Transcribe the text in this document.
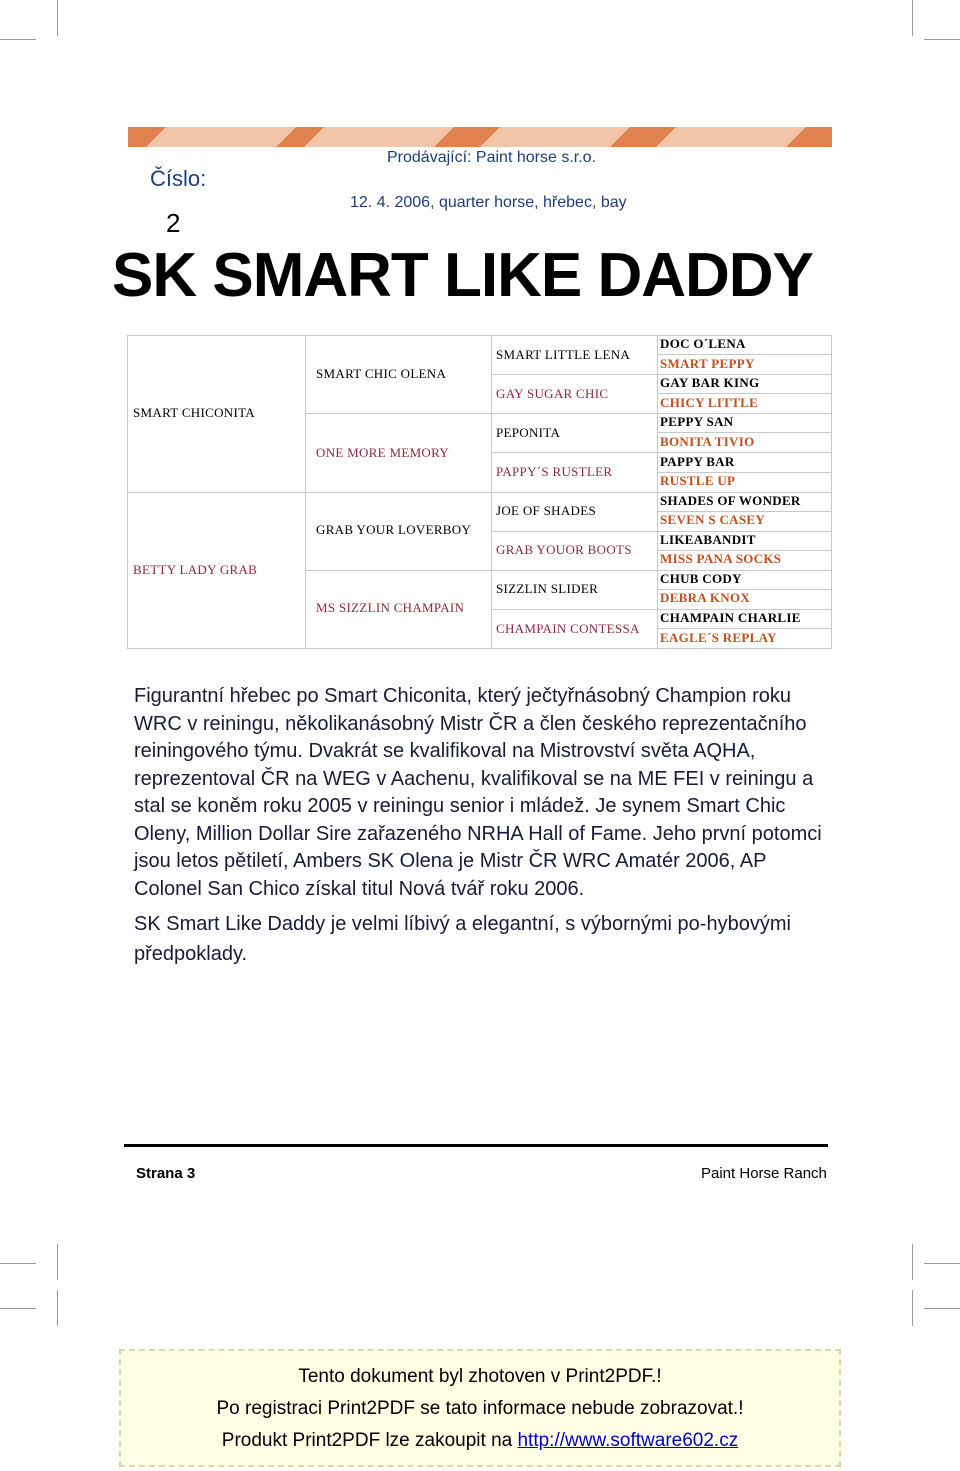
Číslo:
2
Prodávající: Paint horse s.r.o.
12. 4. 2006, quarter horse, hřebec, bay
SK SMART LIKE DADDY
SMART CHICONITA
BETTY LADY GRAB
SMART CHIC OLENA
ONE MORE MEMORY
GRAB YOUR LOVERBOY
MS SIZZLIN CHAMPAIN
SMART LITTLE LENA
GAY SUGAR CHIC
PEPONITA
PAPPY´S RUSTLER
JOE OF SHADES
GRAB YOUOR BOOTS
SIZZLIN SLIDER
CHAMPAIN CONTESSA
DOC O´LENA
SMART PEPPY
GAY BAR KING
CHICY LITTLE
PEPPY SAN
BONITA TIVIO
PAPPY BAR
RUSTLE UP
SHADES OF WONDER
SEVEN S CASEY
LIKEABANDIT
MISS PANA SOCKS
CHUB CODY
DEBRA KNOX
CHAMPAIN CHARLIE
EAGLE´S REPLAY

Figurantní hřebec po Smart Chiconita, který ječtyřnásobný Champion roku WRC v reiningu, několikanásobný Mistr ČR a člen českého reprezentačního reiningového týmu. Dvakrát se kvalifikoval na Mistrovství světa AQHA, reprezentoval ČR na WEG v Aachenu, kvalifikoval se na ME FEI v reiningu a stal se koněm roku 2005 v reiningu senior i mládež. Je synem Smart Chic Oleny, Million Dollar Sire zařazeného NRHA Hall of Fame. Jeho první potomci jsou letos pětiletí, Ambers SK Olena je Mistr ČR WRC Amatér 2006, AP Colonel San Chico získal titul Nová tvář roku 2006.

SK Smart Like Daddy je velmi líbivý a elegantní, s výbornými po-hybovými předpoklady.

Strana 3	Paint Horse Ranch
Tento dokument byl zhotoven v Print2PDF.!
Po registraci Print2PDF se tato informace nebude zobrazovat.!
Produkt Print2PDF lze zakoupit na http://www.software602.cz
